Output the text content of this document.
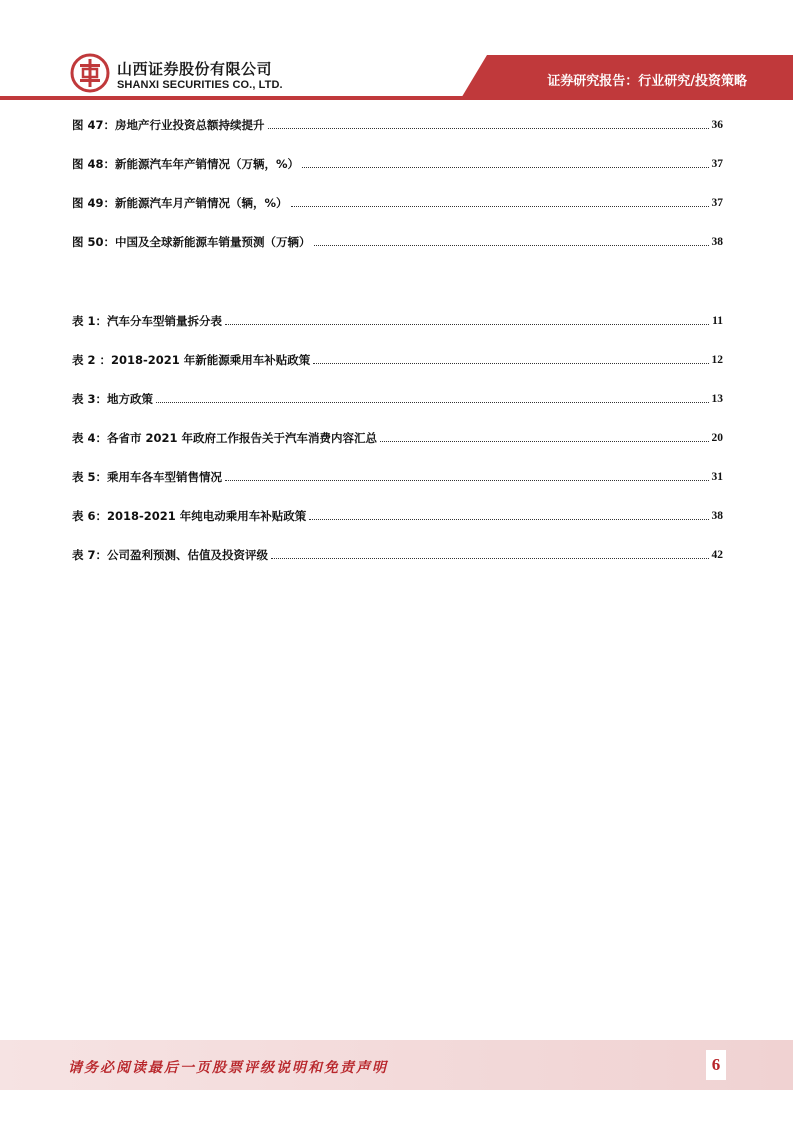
山西证券股份有限公司
SHANXI SECURITIES CO., LTD.	证券研究报告：行业研究/投资策略
图 47：房地产行业投资总额持续提升	36
图 48：新能源汽车年产销情况（万辆，%）	37
图 49：新能源汽车月产销情况（辆，%）	37
图 50：中国及全球新能源车销量预测（万辆）	38
表 1：汽车分车型销量拆分表	11
表 2 ：2018-2021 年新能源乘用车补贴政策	12
表 3：地方政策	13
表 4：各省市 2021 年政府工作报告关于汽车消费内容汇总	20
表 5：乘用车各车型销售情况	31
表 6：2018-2021 年纯电动乘用车补贴政策	38
表 7：公司盈利预测、估值及投资评级	42
请务必阅读最后一页股票评级说明和免责声明	6
